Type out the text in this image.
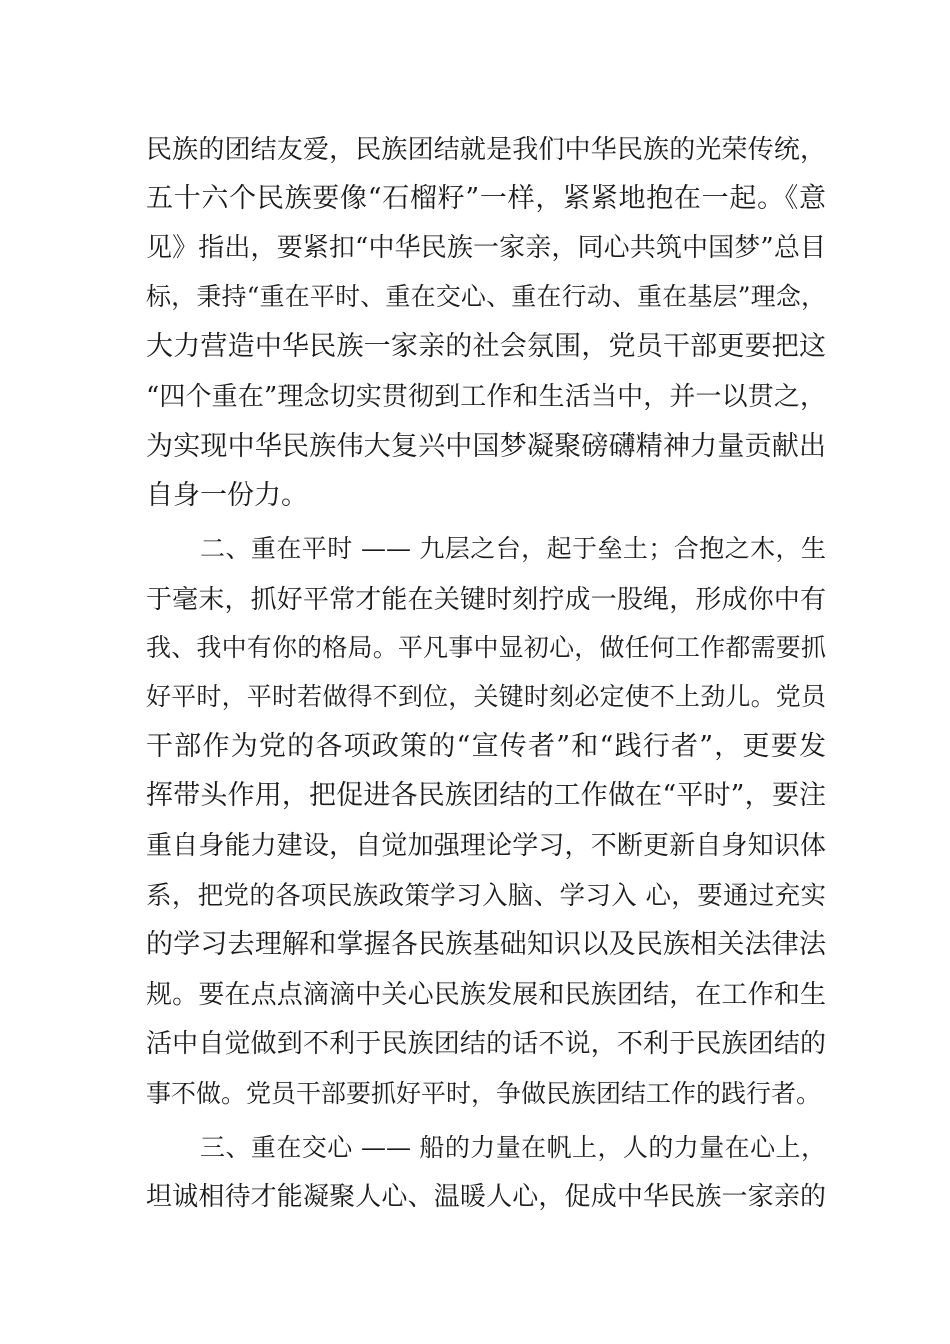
民族的团结友爱，民族团结就是我们中华民族的光荣传统，
五十六个民族要像“石榴籽”一样，紧紧地抱在一起。《意
见》指出，要紧扣“中华民族一家亲，同心共筑中国梦”总目
标，秉持“重在平时、重在交心、重在行动、重在基层”理念，
大力营造中华民族一家亲的社会氛围，党员干部更要把这
“四个重在”理念切实贯彻到工作和生活当中，并一以贯之，
为实现中华民族伟大复兴中国梦凝聚磅礴精神力量贡献出
自身一份力。
二、重在平时 —— 九层之台，起于垒土；合抱之木，生
于毫末，抓好平常才能在关键时刻拧成一股绳，形成你中有
我、我中有你的格局。平凡事中显初心，做任何工作都需要抓
好平时，平时若做得不到位，关键时刻必定使不上劲儿。党员
干部作为党的各项政策的“宣传者”和“践行者”，更要发
挥带头作用，把促进各民族团结的工作做在“平时”，要注
重自身能力建设，自觉加强理论学习，不断更新自身知识体
系，把党的各项民族政策学习入脑、学习入 心，要通过充实
的学习去理解和掌握各民族基础知识以及民族相关法律法
规。要在点点滴滴中关心民族发展和民族团结，在工作和生
活中自觉做到不利于民族团结的话不说，不利于民族团结的
事不做。党员干部要抓好平时，争做民族团结工作的践行者。
三、重在交心 —— 船的力量在帆上，人的力量在心上，
坦诚相待才能凝聚人心、温暖人心，促成中华民族一家亲的
